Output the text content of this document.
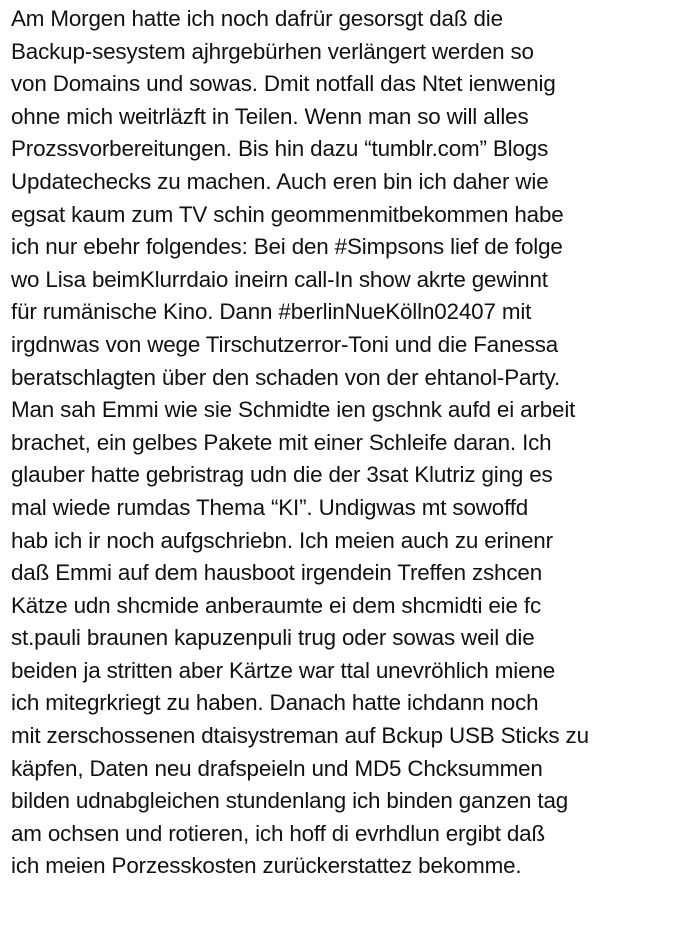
Am Morgen hatte ich noch dafrür gesorsgt daß die
Backup-sesystem ajhrgebürhen verlängert werden so
von Domains und sowas. Dmit notfall das Ntet ienwenig
ohne mich weitrläzft in Teilen. Wenn man so will alles
Prozssvorbereitungen. Bis hin dazu “tumblr.com” Blogs
Updatechecks zu machen. Auch eren bin ich daher wie
egsat kaum zum TV schin geommenmitbekommen habe
ich nur ebehr folgendes: Bei den #Simpsons lief de folge
wo Lisa beimKlurrdaio ineirn call-In show akrte gewinnt
für rumänische Kino. Dann #berlinNueKölln02407 mit
irgdnwas von wege Tirschutzerror-Toni und die Fanessa
beratschlagten über den schaden von der ehtanol-Party.
Man sah Emmi wie sie Schmidte ien gschnk aufd ei arbeit
brachet, ein gelbes Pakete mit einer Schleife daran. Ich
glauber hatte gebristrag udn die der 3sat Klutriz ging es
mal wiede rumdas Thema “KI”. Undigwas mt sowoffd
hab ich ir noch aufgschriebn. Ich meien auch zu erinenr
daß Emmi auf dem hausboot irgendein Treffen zshcen
Kätze udn shcmide anberaumte ei dem shcmidti eie fc
st.pauli braunen kapuzenpuli trug oder sowas weil die
beiden ja stritten aber Kärtze war ttal unevröhlich miene
ich mitegrkriegt zu haben. Danach hatte ichdann noch
mit zerschossenen dtaisystreman auf Bckup USB Sticks zu
käpfen, Daten neu drafspeieln und MD5 Chcksummen
bilden udnabgleichen stundenlang ich binden ganzen tag
am ochsen und rotieren, ich hoff di evrhdlun ergibt daß
ich meien Porzesskosten zurückerstattez bekomme.
